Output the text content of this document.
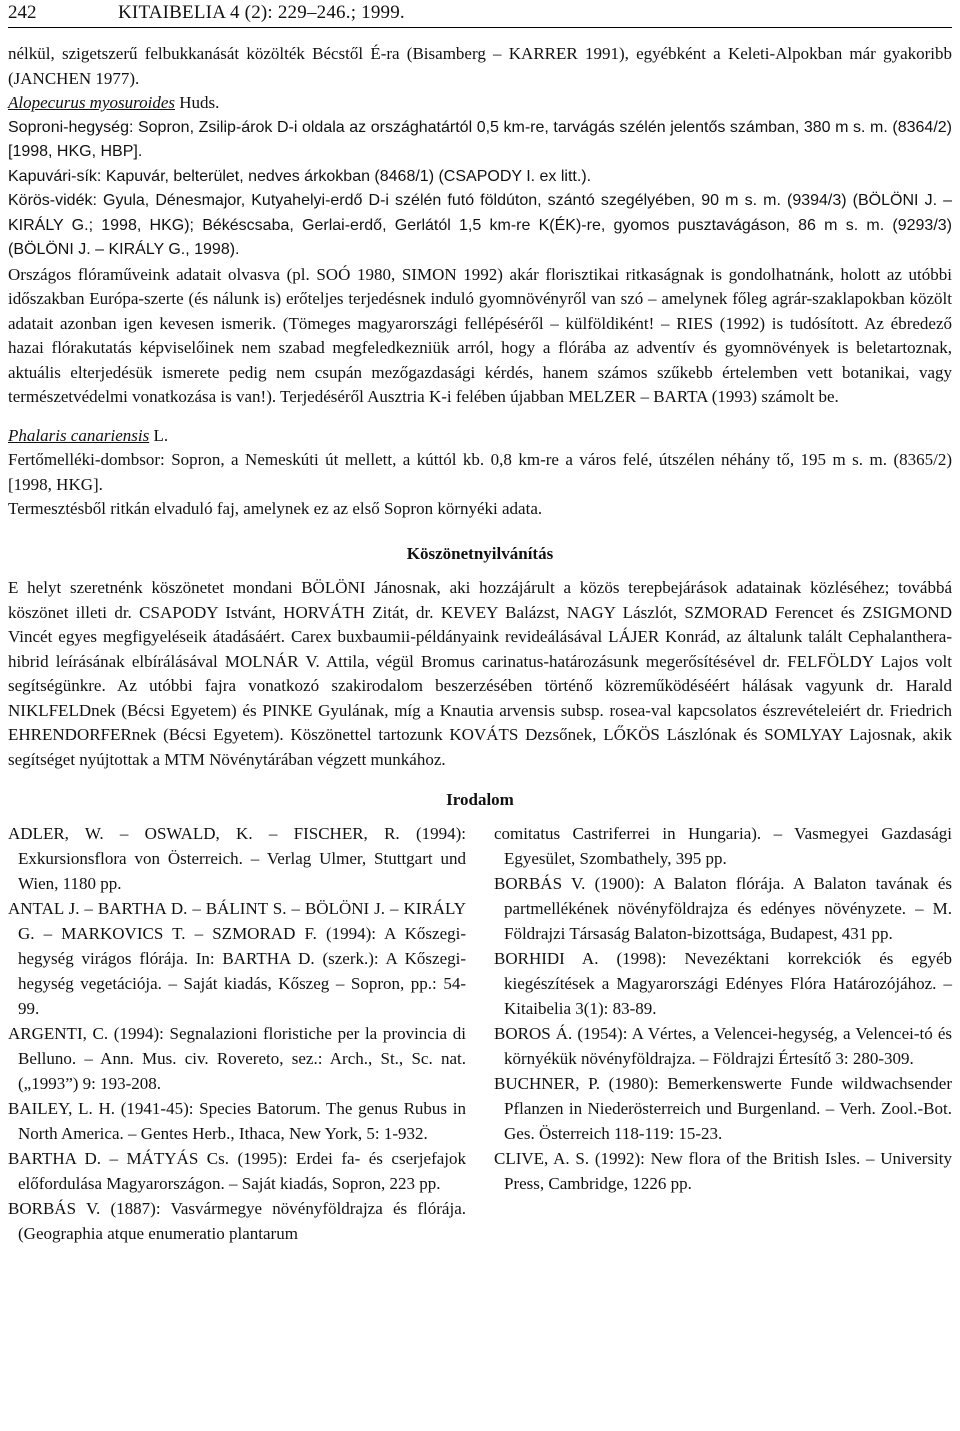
242	KITAIBELIA 4 (2): 229–246.; 1999.

nélkül, szigetszerű felbukkanását közölték Bécstől É-ra (Bisamberg – KARRER 1991), egyébként a Keleti-Alpokban már gyakoribb (JANCHEN 1977).

Alopecurus myosuroides Huds.

Soproni-hegység: Sopron, Zsilip-árok D-i oldala az országhatártól 0,5 km-re, tarvágás szélén jelentős számban, 380 m s. m. (8364/2) [1998, HKG, HBP].

Kapuvári-sík: Kapuvár, belterület, nedves árkokban (8468/1) (CSAPODY I. ex litt.).

Körös-vidék: Gyula, Dénesmajor, Kutyahelyi-erdő D-i szélén futó földúton, szántó szegélyében, 90 m s. m. (9394/3) (BÖLÖNI J. – KIRÁLY G.; 1998, HKG); Békéscsaba, Gerlai-erdő, Gerlától 1,5 km-re K(ÉK)-re, gyomos pusztavágáson, 86 m s. m. (9293/3) (BÖLÖNI J. – KIRÁLY G., 1998).

Országos flóraműveink adatait olvasva (pl. SOÓ 1980, SIMON 1992) akár florisztikai ritkaságnak is gondolhatnánk, holott az utóbbi időszakban Európa-szerte (és nálunk is) erőteljes terjedésnek induló gyomnövényről van szó – amelynek főleg agrár-szaklapokban közölt adatait azonban igen kevesen ismerik. (Tömeges magyarországi fellépéséről – külföldiként! – RIES (1992) is tudósított. Az ébredező hazai flórakutatás képviselőinek nem szabad megfeledkezniük arról, hogy a flórába az adventív és gyomnövények is beletartoznak, aktuális elterjedésük ismerete pedig nem csupán mezőgazdasági kérdés, hanem számos szűkebb értelemben vett botanikai, vagy természetvédelmi vonatkozása is van!). Terjedéséről Ausztria K-i felében újabban MELZER – BARTA (1993) számolt be.

Phalaris canariensis L.

Fertőmelléki-dombsor: Sopron, a Nemeskúti út mellett, a kúttól kb. 0,8 km-re a város felé, útszélen néhány tő, 195 m s. m. (8365/2) [1998, HKG].

Termesztésből ritkán elvaduló faj, amelynek ez az első Sopron környéki adata.

Köszönetnyilvánítás

E helyt szeretnénk köszönetet mondani BÖLÖNI Jánosnak, aki hozzájárult a közös terepbejárások adatainak közléséhez; továbbá köszönet illeti dr. CSAPODY Istvánt, HORVÁTH Zitát, dr. KEVEY Balázst, NAGY Lászlót, SZMORAD Ferencet és ZSIGMOND Vincét egyes megfigyeléseik átadásáért. Carex buxbaumii-példányaink revideálásával LÁJER Konrád, az általunk talált Cephalanthera-hibrid leírásának elbírálásával MOLNÁR V. Attila, végül Bromus carinatus-határozásunk megerősítésével dr. FELFÖLDY Lajos volt segítségünkre. Az utóbbi fajra vonatkozó szakirodalom beszerzésében történő közreműködéséért hálásak vagyunk dr. Harald NIKLFELDnek (Bécsi Egyetem) és PINKE Gyulának, míg a Knautia arvensis subsp. rosea-val kapcsolatos észrevételeiért dr. Friedrich EHRENDORFERnek (Bécsi Egyetem). Köszönettel tartozunk KOVÁTS Dezsőnek, LŐKÖS Lászlónak és SOMLYAY Lajosnak, akik segítséget nyújtottak a MTM Növénytárában végzett munkához.

Irodalom

ADLER, W. – OSWALD, K. – FISCHER, R. (1994): Exkursionsflora von Österreich. – Verlag Ulmer, Stuttgart und Wien, 1180 pp.

ANTAL J. – BARTHA D. – BÁLINT S. – BÖLÖNI J. – KIRÁLY G. – MARKOVICS T. – SZMORAD F. (1994): A Kőszegi-hegység virágos flórája. In: BARTHA D. (szerk.): A Kőszegi-hegység vegetációja. – Saját kiadás, Kőszeg – Sopron, pp.: 54-99.

ARGENTI, C. (1994): Segnalazioni floristiche per la provincia di Belluno. – Ann. Mus. civ. Rovereto, sez.: Arch., St., Sc. nat. („1993”) 9: 193-208.

BAILEY, L. H. (1941-45): Species Batorum. The genus Rubus in North America. – Gentes Herb., Ithaca, New York, 5: 1-932.

BARTHA D. – MÁTYÁS Cs. (1995): Erdei fa- és cserjefajok előfordulása Magyarországon. – Saját kiadás, Sopron, 223 pp.

BORBÁS V. (1887): Vasvármegye növényföldrajza és flórája. (Geographia atque enumeratio plantarum

comitatus Castriferrei in Hungaria). – Vasmegyei Gazdasági Egyesület, Szombathely, 395 pp.

BORBÁS V. (1900): A Balaton flórája. A Balaton tavának és partmellékének növényföldrajza és edényes növényzete. – M. Földrajzi Társaság Balaton-bizottsága, Budapest, 431 pp.

BORHIDI A. (1998): Nevezéktani korrekciók és egyéb kiegészítések a Magyarországi Edényes Flóra Határozójához. – Kitaibelia 3(1): 83-89.

BOROS Á. (1954): A Vértes, a Velencei-hegység, a Velencei-tó és környékük növényföldrajza. – Földrajzi Értesítő 3: 280-309.

BUCHNER, P. (1980): Bemerkenswerte Funde wildwachsender Pflanzen in Niederösterreich und Burgenland. – Verh. Zool.-Bot. Ges. Österreich 118-119: 15-23.

CLIVE, A. S. (1992): New flora of the British Isles. – University Press, Cambridge, 1226 pp.
